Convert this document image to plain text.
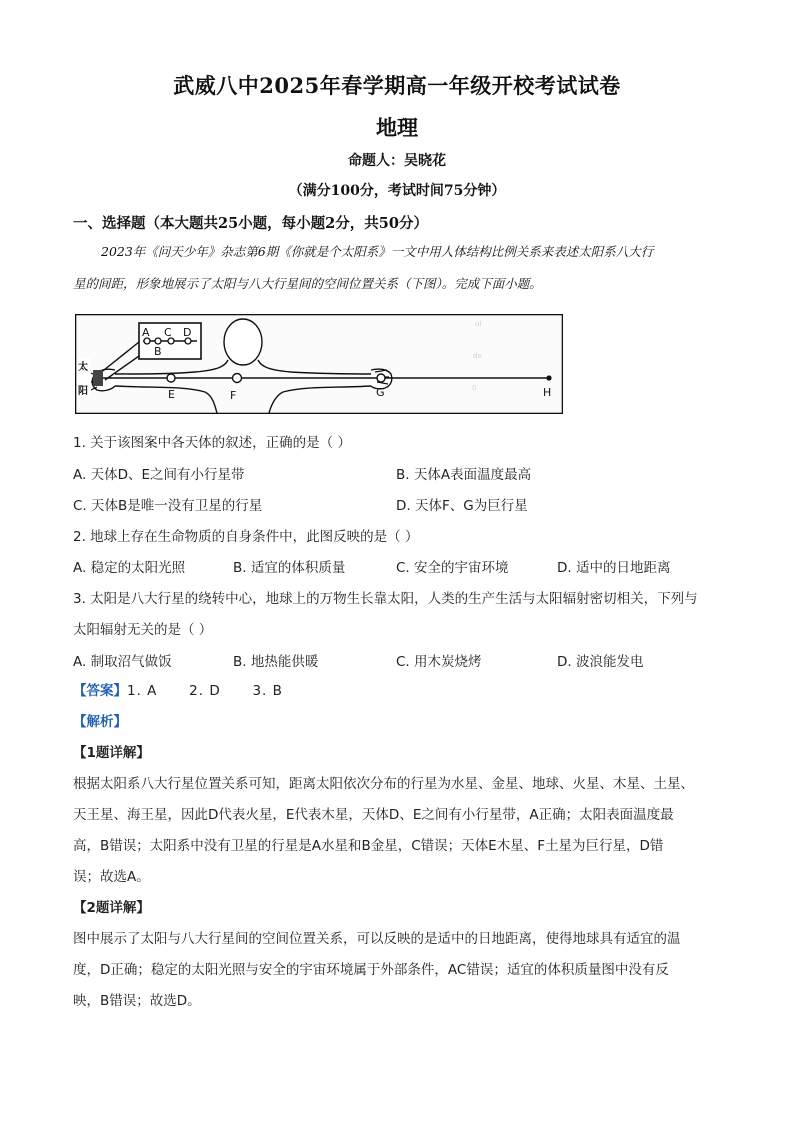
武威八中2025年春学期高一年级开校考试试卷
地理
命题人：吴晓花
（满分100分，考试时间75分钟）
一、选择题（本大题共25小题，每小题2分，共50分）

2023年《问天少年》杂志第6期《你就是个太阳系》一文中用人体结构比例关系来表述太阳系八大行

星的间距，形象地展示了太阳与八大行星间的空间位置关系（下图）。完成下面小题。

ui
de
0
太
阳
A C D
B
E	F	G	H
1. 关于该图案中各天体的叙述，正确的是（ ）
A. 天体D、E之间有小行星带	B. 天体A表面温度最高
C. 天体B是唯一没有卫星的行星	D. 天体F、G为巨行星
2. 地球上存在生命物质的自身条件中，此图反映的是（ ）
A. 稳定的太阳光照	B. 适宜的体积质量	C. 安全的宇宙环境	D. 适中的日地距离
3. 太阳是八大行星的绕转中心，地球上的万物生长靠太阳，人类的生产生活与太阳辐射密切相关，下列与
太阳辐射无关的是（ ）
A. 制取沼气做饭	B. 地热能供暖	C. 用木炭烧烤	D. 波浪能发电

【答案】1. A      2. D      3. B

【解析】

【1题详解】

根据太阳系八大行星位置关系可知，距离太阳依次分布的行星为水星、金星、地球、火星、木星、土星、

天王星、海王星，因此D代表火星，E代表木星，天体D、E之间有小行星带，A正确；太阳表面温度最

高，B错误；太阳系中没有卫星的行星是A水星和B金星，C错误；天体E木星、F土星为巨行星，D错

误；故选A。

【2题详解】

图中展示了太阳与八大行星间的空间位置关系，可以反映的是适中的日地距离，使得地球具有适宜的温

度，D正确；稳定的太阳光照与安全的宇宙环境属于外部条件，AC错误；适宜的体积质量图中没有反

映，B错误；故选D。
